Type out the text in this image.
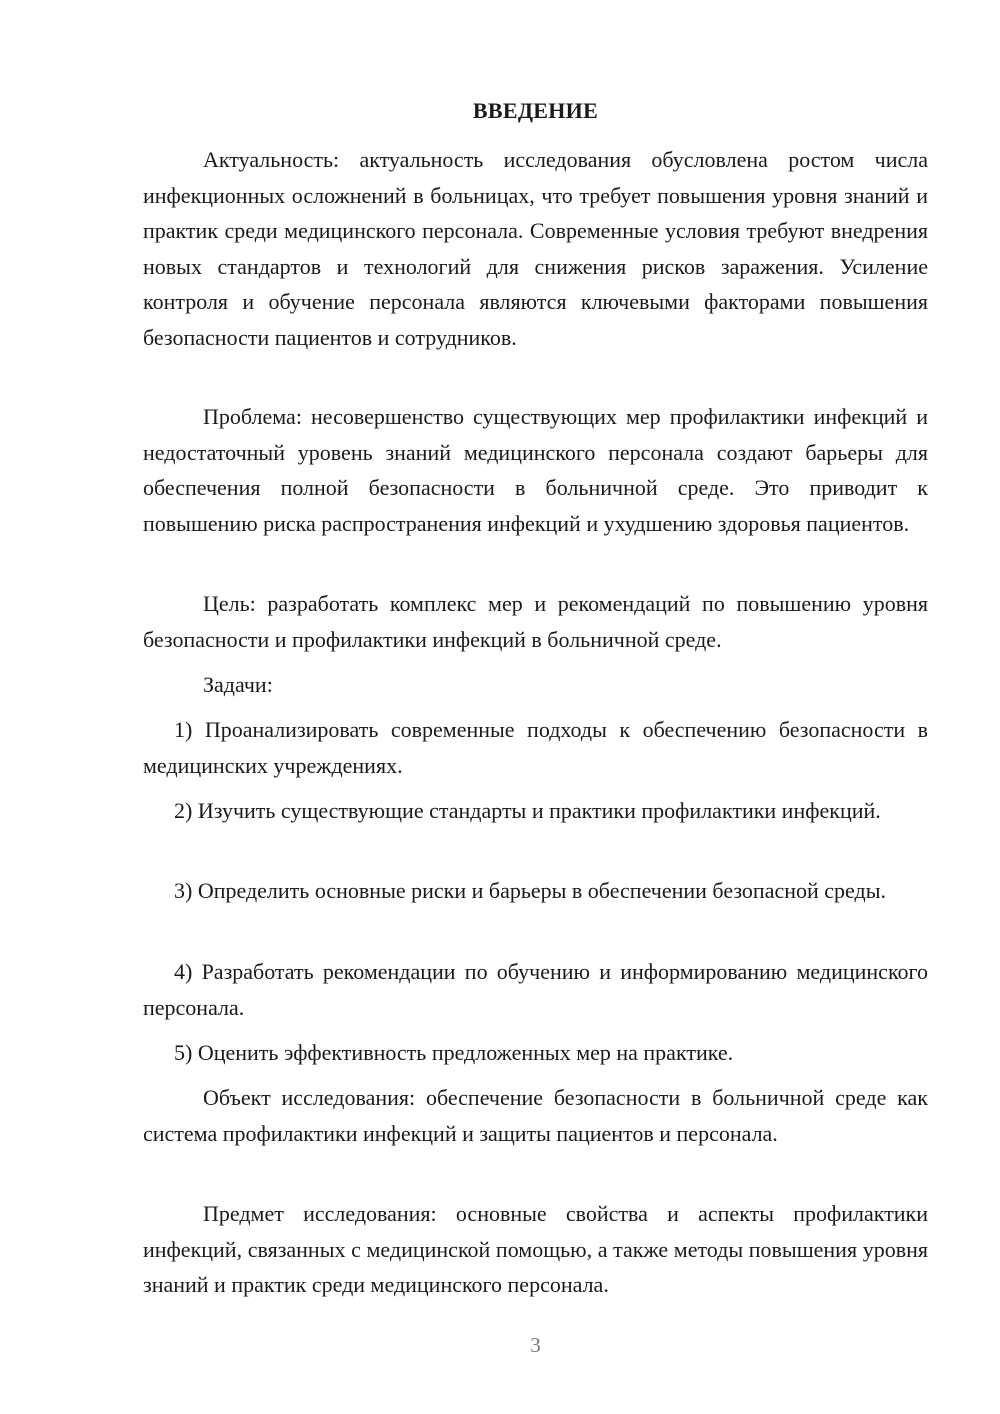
ВВЕДЕНИЕ

Актуальность: актуальность исследования обусловлена ростом числа инфекционных осложнений в больницах, что требует повышения уровня знаний и практик среди медицинского персонала. Современные условия требуют внедрения новых стандартов и технологий для снижения рисков заражения. Усиление контроля и обучение персонала являются ключевыми факторами повышения безопасности пациентов и сотрудников.

Проблема: несовершенство существующих мер профилактики инфекций и недостаточный уровень знаний медицинского персонала создают барьеры для обеспечения полной безопасности в больничной среде. Это приводит к повышению риска распространения инфекций и ухудшению здоровья пациентов.

Цель: разработать комплекс мер и рекомендаций по повышению уровня безопасности и профилактики инфекций в больничной среде.

Задачи:

1) Проанализировать современные подходы к обеспечению безопасности в медицинских учреждениях.

2) Изучить существующие стандарты и практики профилактики инфекций.

3) Определить основные риски и барьеры в обеспечении безопасной среды.

4) Разработать рекомендации по обучению и информированию медицинского персонала.

5) Оценить эффективность предложенных мер на практике.

Объект исследования: обеспечение безопасности в больничной среде как система профилактики инфекций и защиты пациентов и персонала.

Предмет исследования: основные свойства и аспекты профилактики инфекций, связанных с медицинской помощью, а также методы повышения уровня знаний и практик среди медицинского персонала.

3
